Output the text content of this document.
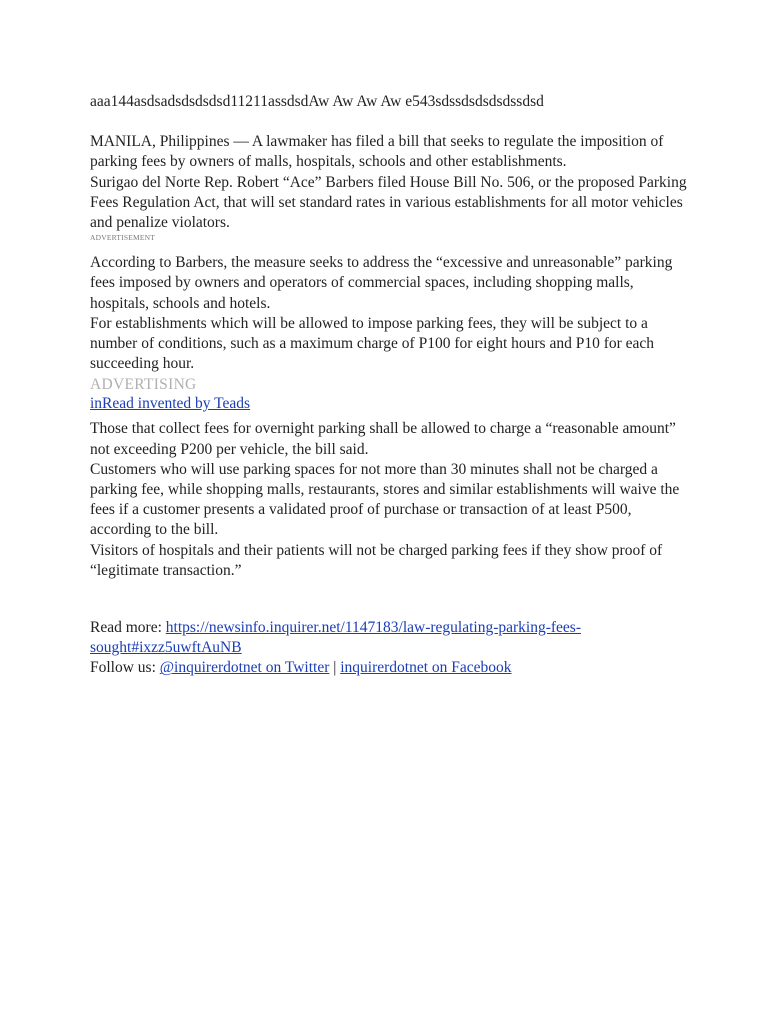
aaa144asdsadsdsdsdsd11211assdsdAw Aw Aw Aw e543sdssdsdsdsdssdsd

MANILA, Philippines — A lawmaker has filed a bill that seeks to regulate the imposition of parking fees by owners of malls, hospitals, schools and other establishments.

Surigao del Norte Rep. Robert “Ace” Barbers filed House Bill No. 506, or the proposed Parking Fees Regulation Act, that will set standard rates in various establishments for all motor vehicles and penalize violators.

ADVERTISEMENT

According to Barbers, the measure seeks to address the “excessive and unreasonable” parking fees imposed by owners and operators of commercial spaces, including shopping malls, hospitals, schools and hotels.

For establishments which will be allowed to impose parking fees, they will be subject to a number of conditions, such as a maximum charge of P100 for eight hours and P10 for each succeeding hour.

ADVERTISING

inRead invented by Teads

Those that collect fees for overnight parking shall be allowed to charge a “reasonable amount” not exceeding P200 per vehicle, the bill said.

Customers who will use parking spaces for not more than 30 minutes shall not be charged a parking fee, while shopping malls, restaurants, stores and similar establishments will waive the fees if a customer presents a validated proof of purchase or transaction of at least P500, according to the bill.

Visitors of hospitals and their patients will not be charged parking fees if they show proof of “legitimate transaction.”

Read more: https://newsinfo.inquirer.net/1147183/law-regulating-parking-fees-sought#ixzz5uwftAuNB

Follow us: @inquirerdotnet on Twitter | inquirerdotnet on Facebook
